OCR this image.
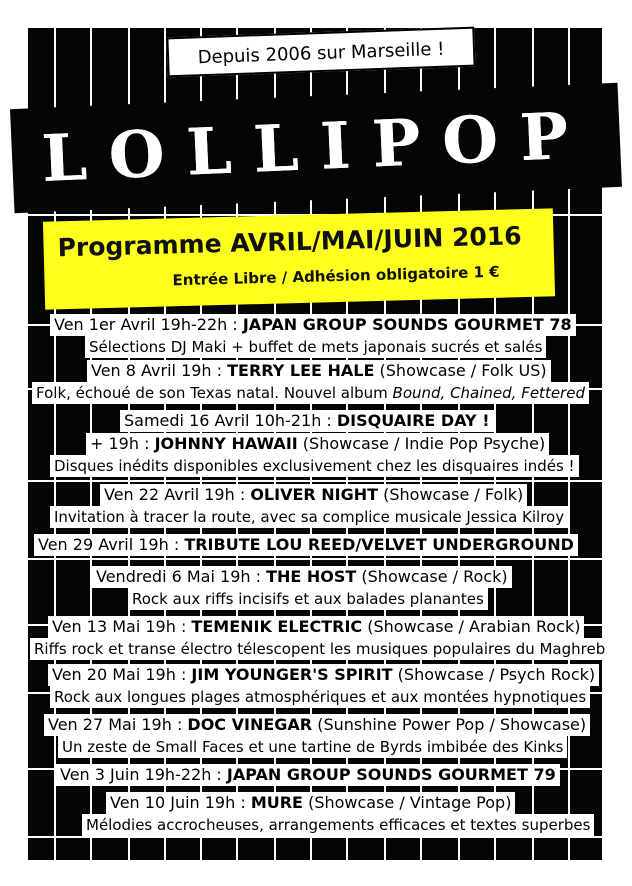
Depuis 2006 sur Marseille !
LOLLIPOP
Programme AVRIL/MAI/JUIN 2016
Entrée Libre / Adhésion obligatoire 1 €
Ven 1er Avril 19h-22h : JAPAN GROUP SOUNDS GOURMET 78
Sélections DJ Maki + buffet de mets japonais sucrés et salés
Ven 8 Avril 19h : TERRY LEE HALE (Showcase / Folk US)
Folk, échoué de son Texas natal. Nouvel album Bound, Chained, Fettered
Samedi 16 Avril 10h-21h : DISQUAIRE DAY !
+ 19h : JOHNNY HAWAII (Showcase / Indie Pop Psyche)
Disques inédits disponibles exclusivement chez les disquaires indés !
Ven 22 Avril 19h : OLIVER NIGHT (Showcase / Folk)
Invitation à tracer la route, avec sa complice musicale Jessica Kilroy
Ven 29 Avril 19h : TRIBUTE LOU REED/VELVET UNDERGROUND
Vendredi 6 Mai 19h : THE HOST (Showcase / Rock)
Rock aux riffs incisifs et aux balades planantes
Ven 13 Mai 19h : TEMENIK ELECTRIC (Showcase / Arabian Rock)
Riffs rock et transe électro télescopent les musiques populaires du Maghreb
Ven 20 Mai 19h : JIM YOUNGER'S SPIRIT (Showcase / Psych Rock)
Rock aux longues plages atmosphériques et aux montées hypnotiques
Ven 27 Mai 19h : DOC VINEGAR (Sunshine Power Pop / Showcase)
Un zeste de Small Faces et une tartine de Byrds imbibée des Kinks
Ven 3 Juin 19h-22h : JAPAN GROUP SOUNDS GOURMET 79
Ven 10 Juin 19h : MURE (Showcase / Vintage Pop)
Mélodies accrocheuses, arrangements efficaces et textes superbes
